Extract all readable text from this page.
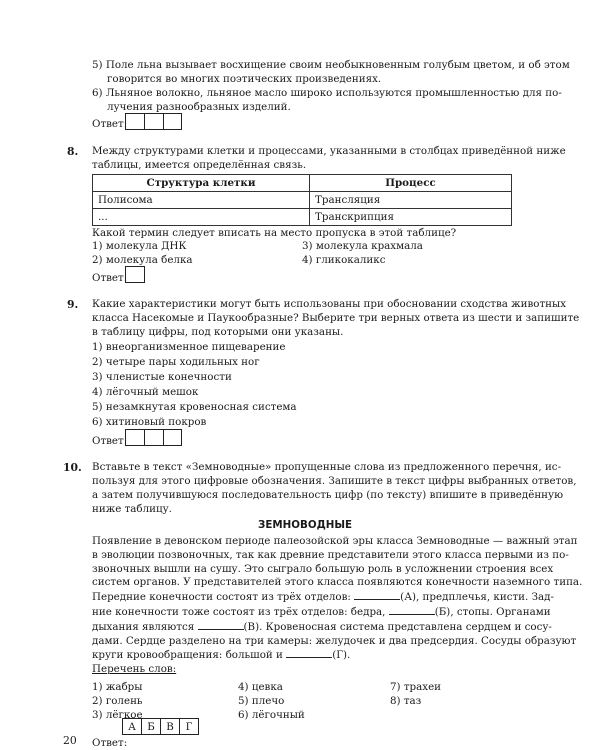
5) Поле льна вызывает восхищение своим необыкновенным голубым цветом, и об этом
говорится во многих поэтических произведениях.
6) Льняное волокно, льняное масло широко используются промышленностью для по-
лучения разнообразных изделий.
Ответ:
8. Между структурами клетки и процессами, указанными в столбцах приведённой ниже
таблицы, имеется определённая связь.
Структура клетки	Процесс
Полисома	Трансляция
...	Транскрипция
Какой термин следует вписать на место пропуска в этой таблице?
1) молекула ДНК
2) молекула белка
3) молекула крахмала
4) гликокаликс
Ответ:
9. Какие характеристики могут быть использованы при обосновании сходства животных
класса Насекомые и Паукообразные? Выберите три верных ответа из шести и запишите
в таблицу цифры, под которыми они указаны.
1) внеорганизменное пищеварение
2) четыре пары ходильных ног
3) членистые конечности
4) лёгочный мешок
5) незамкнутая кровеносная система
6) хитиновый покров
Ответ:
10. Вставьте в текст «Земноводные» пропущенные слова из предложенного перечня, ис-
пользуя для этого цифровые обозначения. Запишите в текст цифры выбранных ответов,
а затем получившуюся последовательность цифр (по тексту) впишите в приведённую
ниже таблицу.
ЗЕМНОВОДНЫЕ
Появление в девонском периоде палеозойской эры класса Земноводные — важный этап
в эволюции позвоночных, так как древние представители этого класса первыми из по-
звоночных вышли на сушу. Это сыграло большую роль в усложнении строения всех
систем органов. У представителей этого класса появляются конечности наземного типа.
Передние конечности состоят из трёх отделов:	(А), предплечья, кисти. Зад-
ние конечности тоже состоят из трёх отделов: бедра,	(Б), стопы. Органами
дыхания являются	(В). Кровеносная система представлена сердцем и сосу-
дами. Сердце разделено на три камеры: желудочек и два предсердия. Сосуды образуют
круги кровообращения: большой и	(Г).
Перечень слов:
1) жабры
2) голень
3) лёгкое
4) цевка
5) плечо
6) лёгочный
7) трахеи
8) таз
Ответ:
А	Б	В	Г
20
